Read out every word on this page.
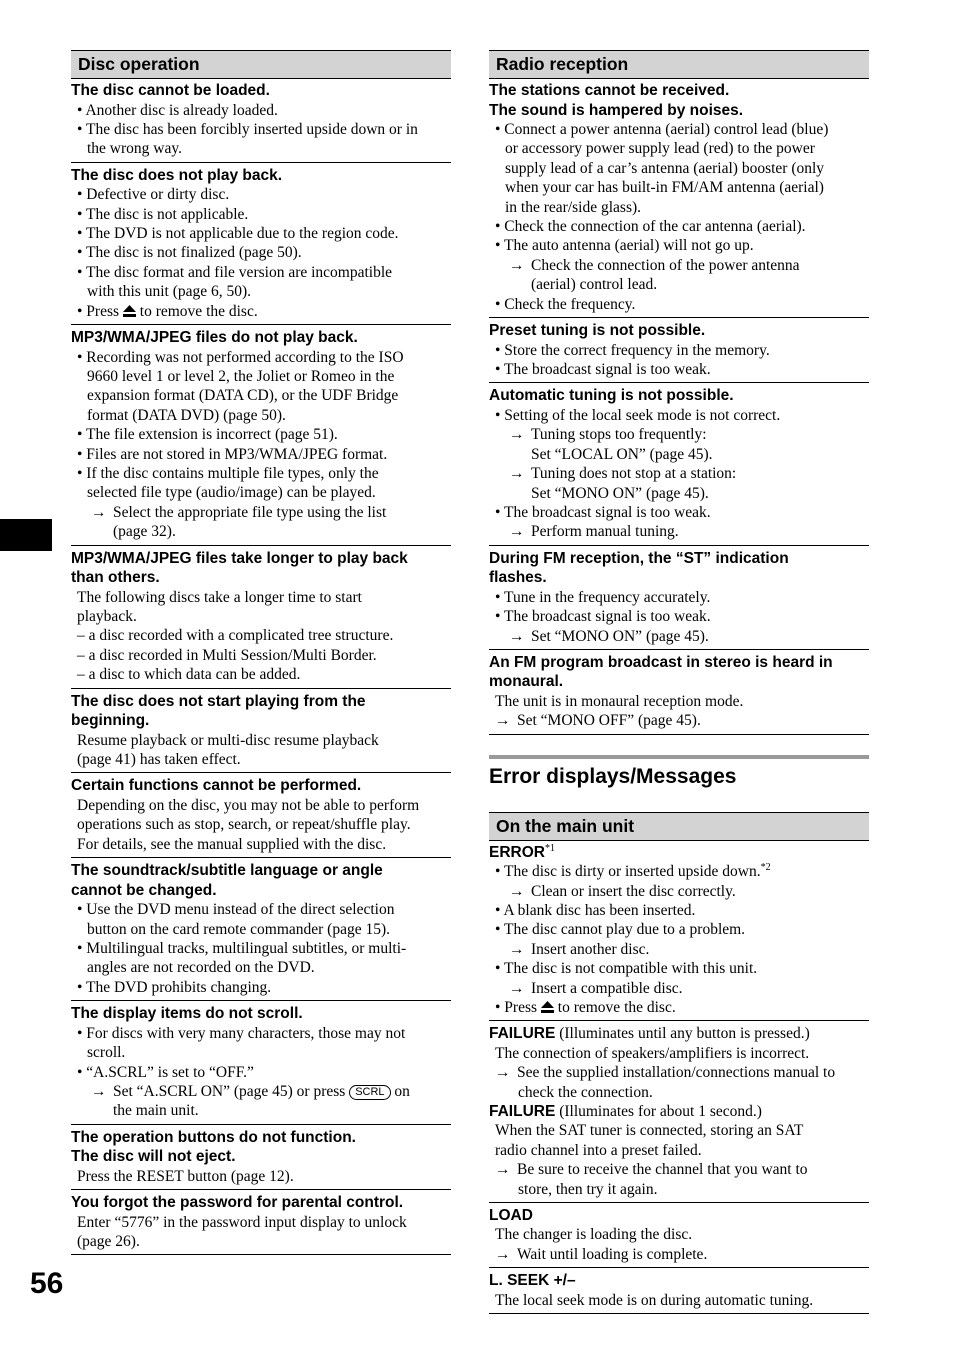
Disc operation
The disc cannot be loaded.
• Another disc is already loaded.
• The disc has been forcibly inserted upside down or in
the wrong way.
The disc does not play back.
• Defective or dirty disc.
• The disc is not applicable.
• The DVD is not applicable due to the region code.
• The disc is not finalized (page 50).
• The disc format and file version are incompatible
with this unit (page 6, 50).
• Press  to remove the disc.
MP3/WMA/JPEG files do not play back.
• Recording was not performed according to the ISO
9660 level 1 or level 2, the Joliet or Romeo in the
expansion format (DATA CD), or the UDF Bridge
format (DATA DVD) (page 50).
• The file extension is incorrect (page 51).
• Files are not stored in MP3/WMA/JPEG format.
• If the disc contains multiple file types, only the
selected file type (audio/image) can be played.
→ Select the appropriate file type using the list
(page 32).
MP3/WMA/JPEG files take longer to play back
than others.
The following discs take a longer time to start
playback.
– a disc recorded with a complicated tree structure.
– a disc recorded in Multi Session/Multi Border.
– a disc to which data can be added.
The disc does not start playing from the
beginning.
Resume playback or multi-disc resume playback
(page 41) has taken effect.
Certain functions cannot be performed.
Depending on the disc, you may not be able to perform
operations such as stop, search, or repeat/shuffle play.
For details, see the manual supplied with the disc.
The soundtrack/subtitle language or angle
cannot be changed.
• Use the DVD menu instead of the direct selection
button on the card remote commander (page 15).
• Multilingual tracks, multilingual subtitles, or multi-
angles are not recorded on the DVD.
• The DVD prohibits changing.
The display items do not scroll.
• For discs with very many characters, those may not
scroll.
• “A.SCRL” is set to “OFF.”
→ Set “A.SCRL ON” (page 45) or press SCRL on
the main unit.
The operation buttons do not function.
The disc will not eject.
Press the RESET button (page 12).
You forgot the password for parental control.
Enter “5776” in the password input display to unlock
(page 26).
Radio reception
The stations cannot be received.
The sound is hampered by noises.
• Connect a power antenna (aerial) control lead (blue)
or accessory power supply lead (red) to the power
supply lead of a car’s antenna (aerial) booster (only
when your car has built-in FM/AM antenna (aerial)
in the rear/side glass).
• Check the connection of the car antenna (aerial).
• The auto antenna (aerial) will not go up.
→ Check the connection of the power antenna
(aerial) control lead.
• Check the frequency.
Preset tuning is not possible.
• Store the correct frequency in the memory.
• The broadcast signal is too weak.
Automatic tuning is not possible.
• Setting of the local seek mode is not correct.
→ Tuning stops too frequently:
Set “LOCAL ON” (page 45).
→ Tuning does not stop at a station:
Set “MONO ON” (page 45).
• The broadcast signal is too weak.
→ Perform manual tuning.
During FM reception, the “ST” indication
flashes.
• Tune in the frequency accurately.
• The broadcast signal is too weak.
→ Set “MONO ON” (page 45).
An FM program broadcast in stereo is heard in
monaural.
The unit is in monaural reception mode.
→ Set “MONO OFF” (page 45).
Error displays/Messages
On the main unit
ERROR$^{*1}$
• The disc is dirty or inserted upside down.$^{*2}$
→ Clean or insert the disc correctly.
• A blank disc has been inserted.
• The disc cannot play due to a problem.
→ Insert another disc.
• The disc is not compatible with this unit.
→ Insert a compatible disc.
• Press  to remove the disc.
FAILURE (Illuminates until any button is pressed.)
The connection of speakers/amplifiers is incorrect.
→ See the supplied installation/connections manual to
check the connection.
FAILURE (Illuminates for about 1 second.)
When the SAT tuner is connected, storing an SAT
radio channel into a preset failed.
→ Be sure to receive the channel that you want to
store, then try it again.
LOAD
The changer is loading the disc.
→ Wait until loading is complete.
L. SEEK +/–
The local seek mode is on during automatic tuning.
56
